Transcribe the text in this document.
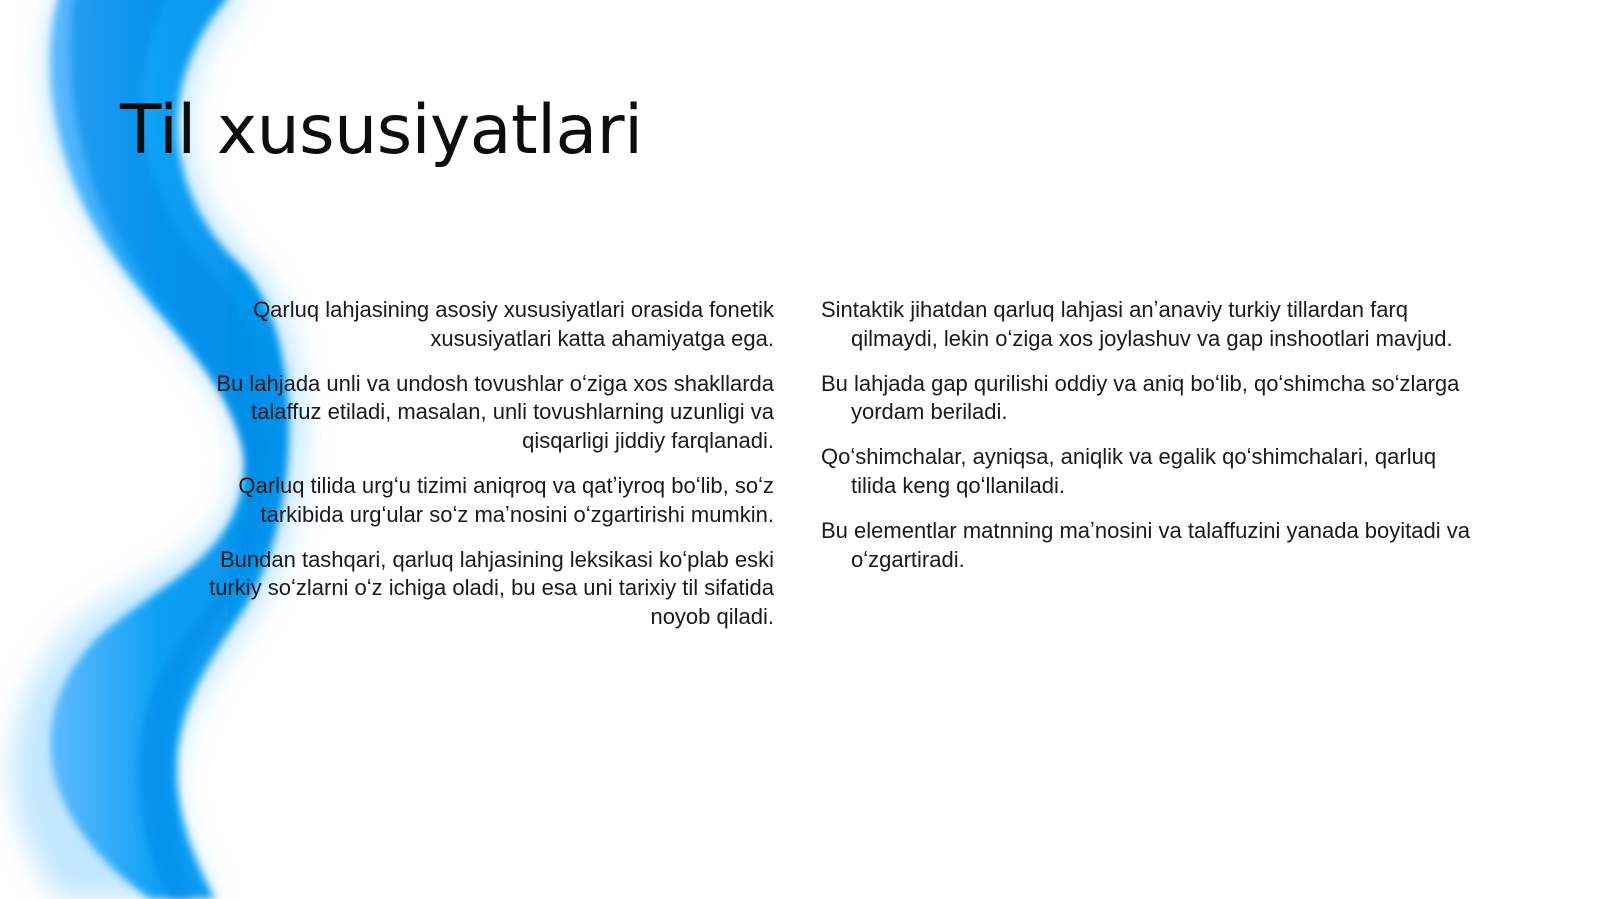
Til xususiyatlari

Qarluq lahjasining asosiy xususiyatlari orasida fonetik xususiyatlari katta ahamiyatga ega.

Bu lahjada unli va undosh tovushlar oʻziga xos shakllarda talaffuz etiladi, masalan, unli tovushlarning uzunligi va qisqarligi jiddiy farqlanadi.

Qarluq tilida urgʻu tizimi aniqroq va qatʼiyroq boʻlib, soʻz tarkibida urgʻular soʻz maʼnosini oʻzgartirishi mumkin.

Bundan tashqari, qarluq lahjasining leksikasi koʻplab eski turkiy soʻzlarni oʻz ichiga oladi, bu esa uni tarixiy til sifatida noyob qiladi.

Sintaktik jihatdan qarluq lahjasi anʼanaviy turkiy tillardan farq qilmaydi, lekin oʻziga xos joylashuv va gap inshootlari mavjud.

Bu lahjada gap qurilishi oddiy va aniq boʻlib, qoʻshimcha soʻzlarga yordam beriladi.

Qoʻshimchalar, ayniqsa, aniqlik va egalik qoʻshimchalari, qarluq tilida keng qoʻllaniladi.

Bu elementlar matnning maʼnosini va talaffuzini yanada boyitadi va oʻzgartiradi.
